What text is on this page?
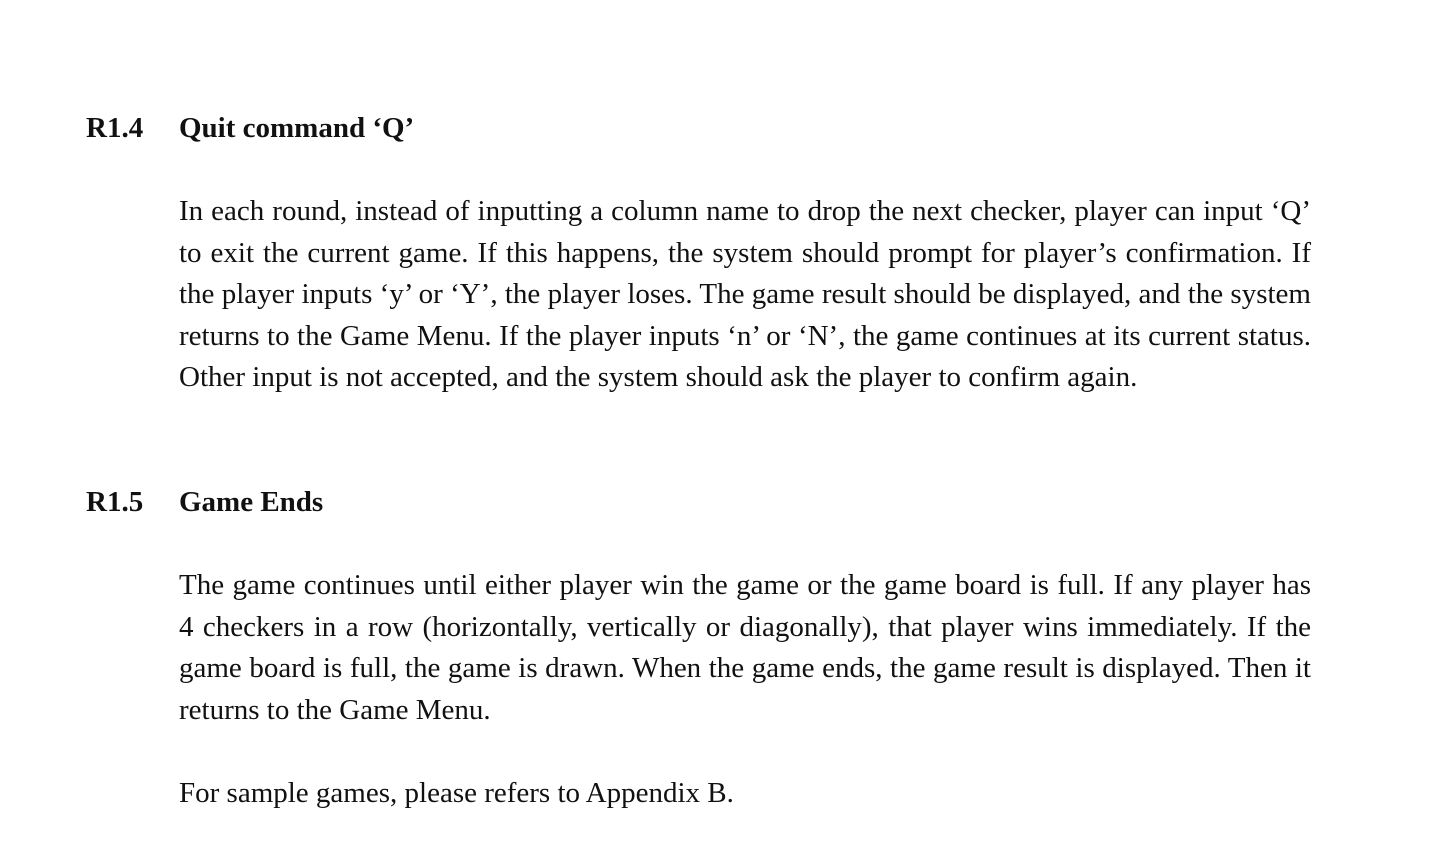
R1.4 Quit command ‘Q’

In each round, instead of inputting a column name to drop the next checker, player can input ‘Q’ to exit the current game. If this happens, the system should prompt for player’s confirmation. If the player inputs ‘y’ or ‘Y’, the player loses. The game result should be displayed, and the system returns to the Game Menu. If the player inputs ‘n’ or ‘N’, the game continues at its current status. Other input is not accepted, and the system should ask the player to confirm again.

R1.5 Game Ends

The game continues until either player win the game or the game board is full. If any player has 4 checkers in a row (horizontally, vertically or diagonally), that player wins immediately. If the game board is full, the game is drawn. When the game ends, the game result is displayed. Then it returns to the Game Menu.

For sample games, please refers to Appendix B.
